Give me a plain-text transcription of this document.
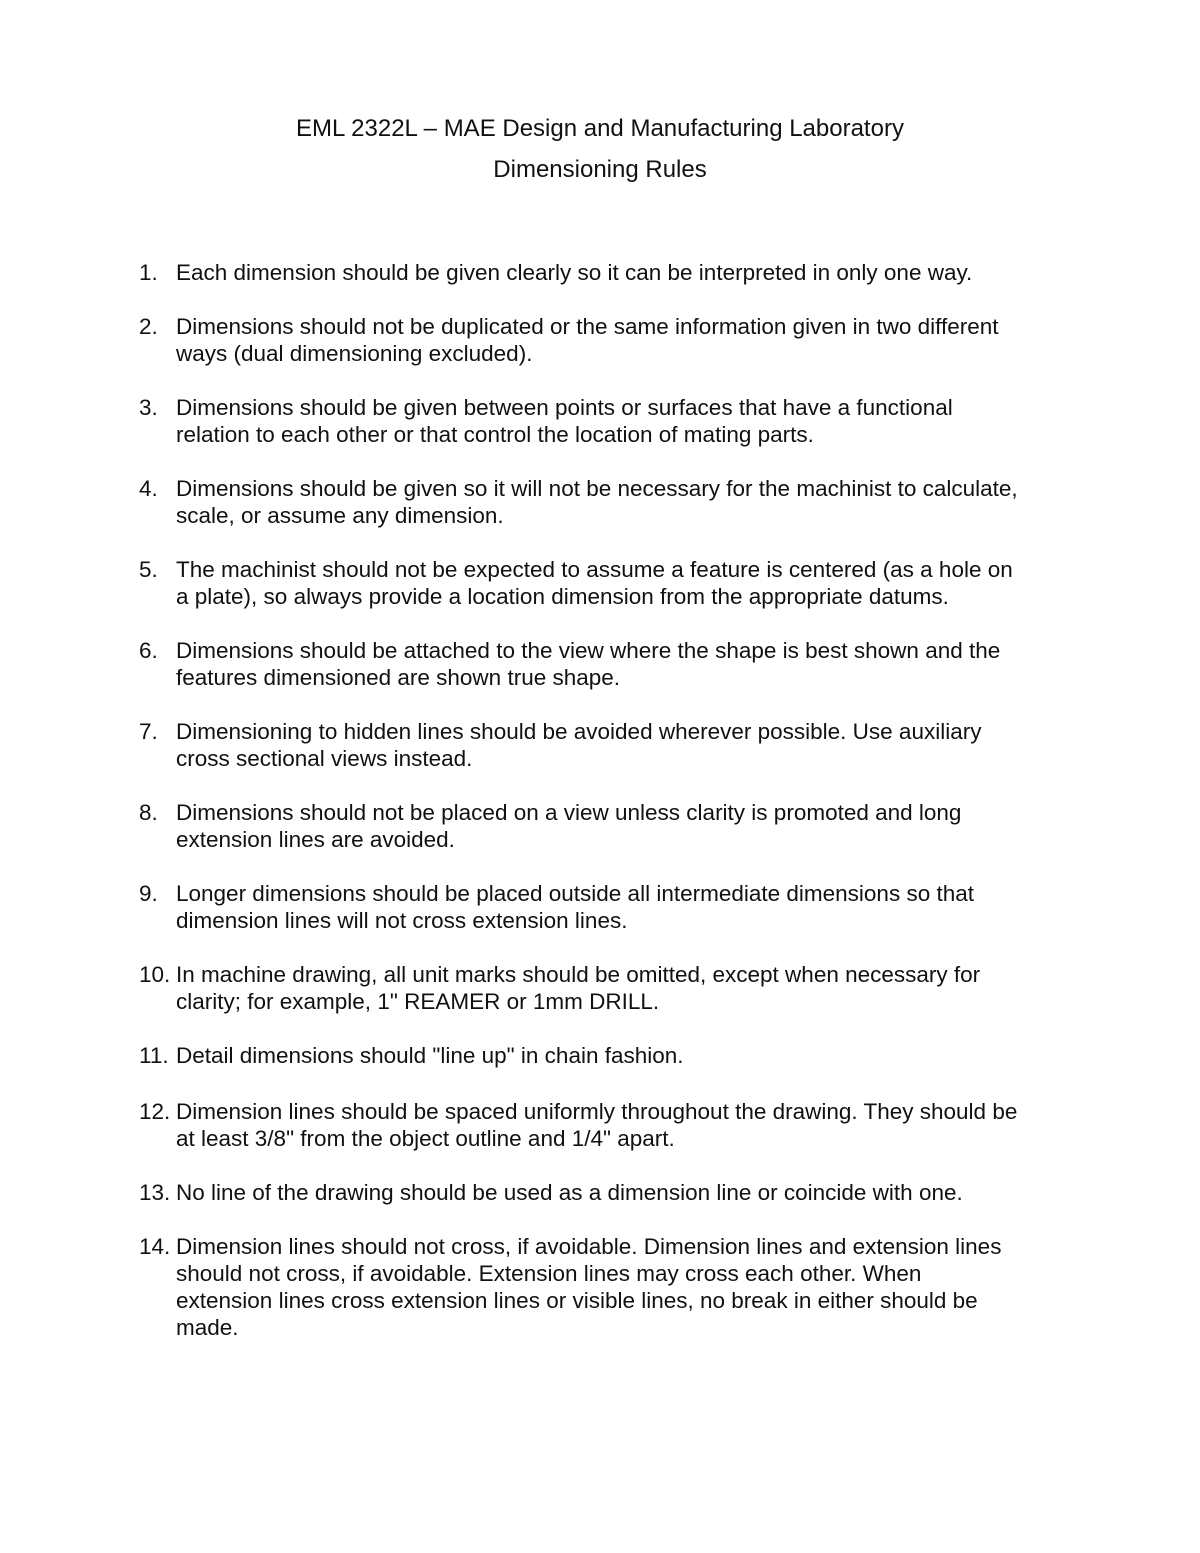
EML 2322L – MAE Design and Manufacturing Laboratory
Dimensioning Rules
1. Each dimension should be given clearly so it can be interpreted in only one way.
2. Dimensions should not be duplicated or the same information given in two different
ways (dual dimensioning excluded).
3. Dimensions should be given between points or surfaces that have a functional
relation to each other or that control the location of mating parts.
4. Dimensions should be given so it will not be necessary for the machinist to calculate,
scale, or assume any dimension.
5. The machinist should not be expected to assume a feature is centered (as a hole on
a plate), so always provide a location dimension from the appropriate datums.
6. Dimensions should be attached to the view where the shape is best shown and the
features dimensioned are shown true shape.
7. Dimensioning to hidden lines should be avoided wherever possible. Use auxiliary
cross sectional views instead.
8. Dimensions should not be placed on a view unless clarity is promoted and long
extension lines are avoided.
9. Longer dimensions should be placed outside all intermediate dimensions so that
dimension lines will not cross extension lines.
10. In machine drawing, all unit marks should be omitted, except when necessary for
clarity; for example, 1" REAMER or 1mm DRILL.
11. Detail dimensions should "line up" in chain fashion.
12. Dimension lines should be spaced uniformly throughout the drawing. They should be
at least 3/8" from the object outline and 1/4" apart.
13. No line of the drawing should be used as a dimension line or coincide with one.
14. Dimension lines should not cross, if avoidable. Dimension lines and extension lines
should not cross, if avoidable. Extension lines may cross each other. When
extension lines cross extension lines or visible lines, no break in either should be
made.
